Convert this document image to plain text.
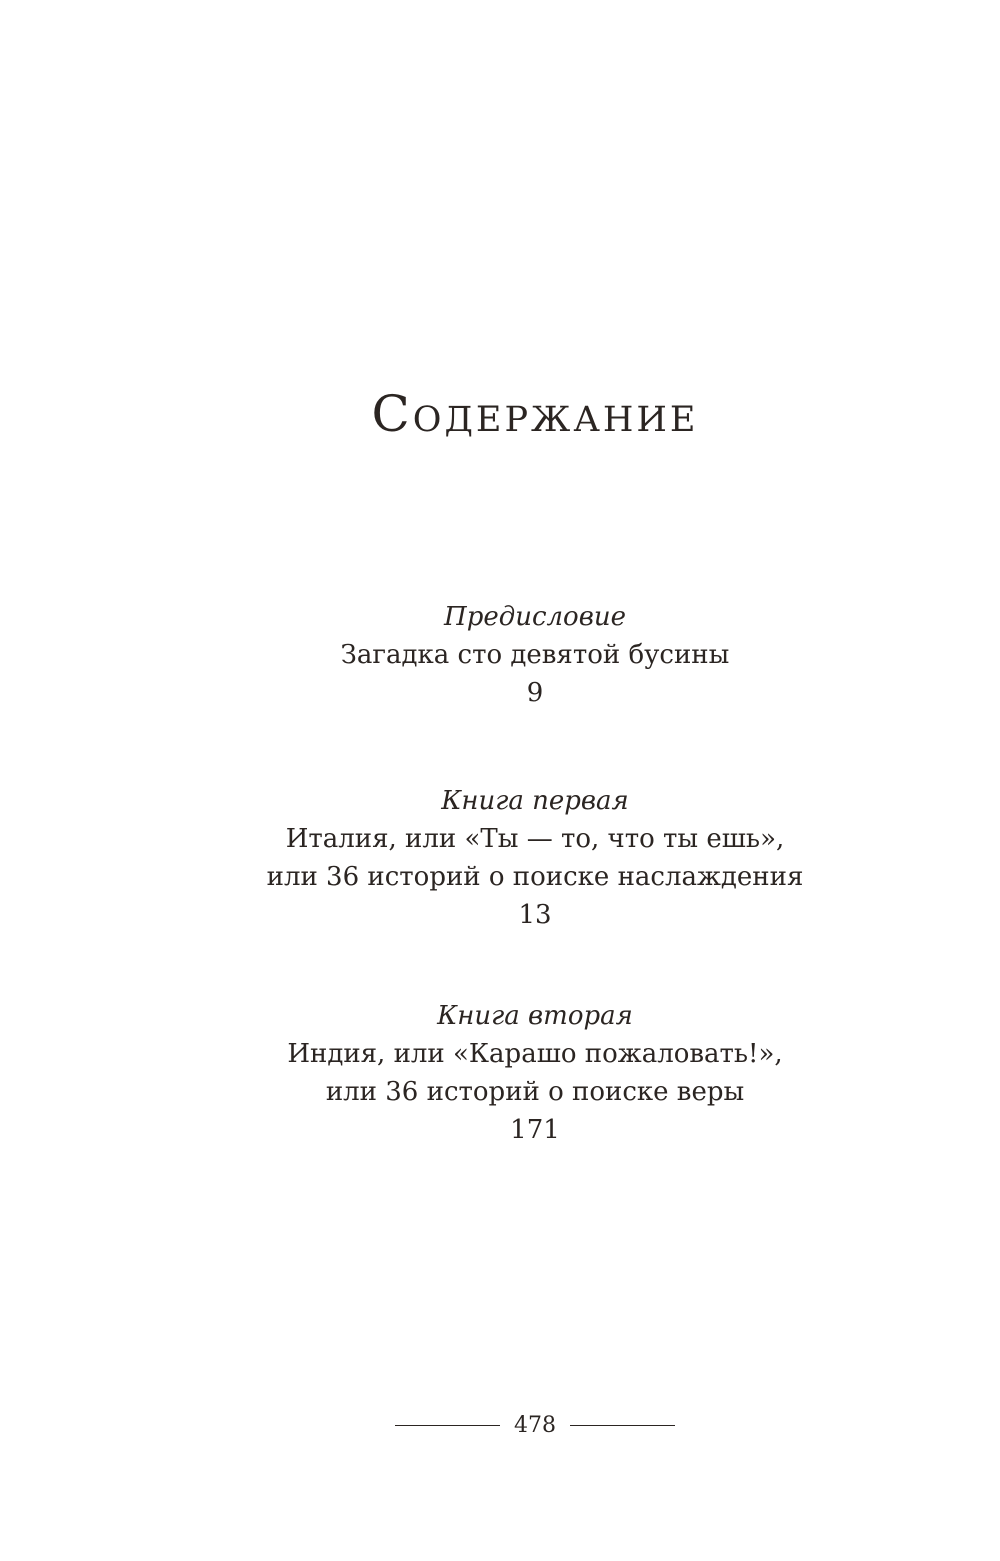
Содержание
Предисловие
Загадка сто девятой бусины
9
Книга первая
Италия, или «Ты — то, что ты ешь»,
или 36 историй о поиске наслаждения
13
Книга вторая
Индия, или «Карашо пожаловать!»,
или 36 историй о поиске веры
171
478
